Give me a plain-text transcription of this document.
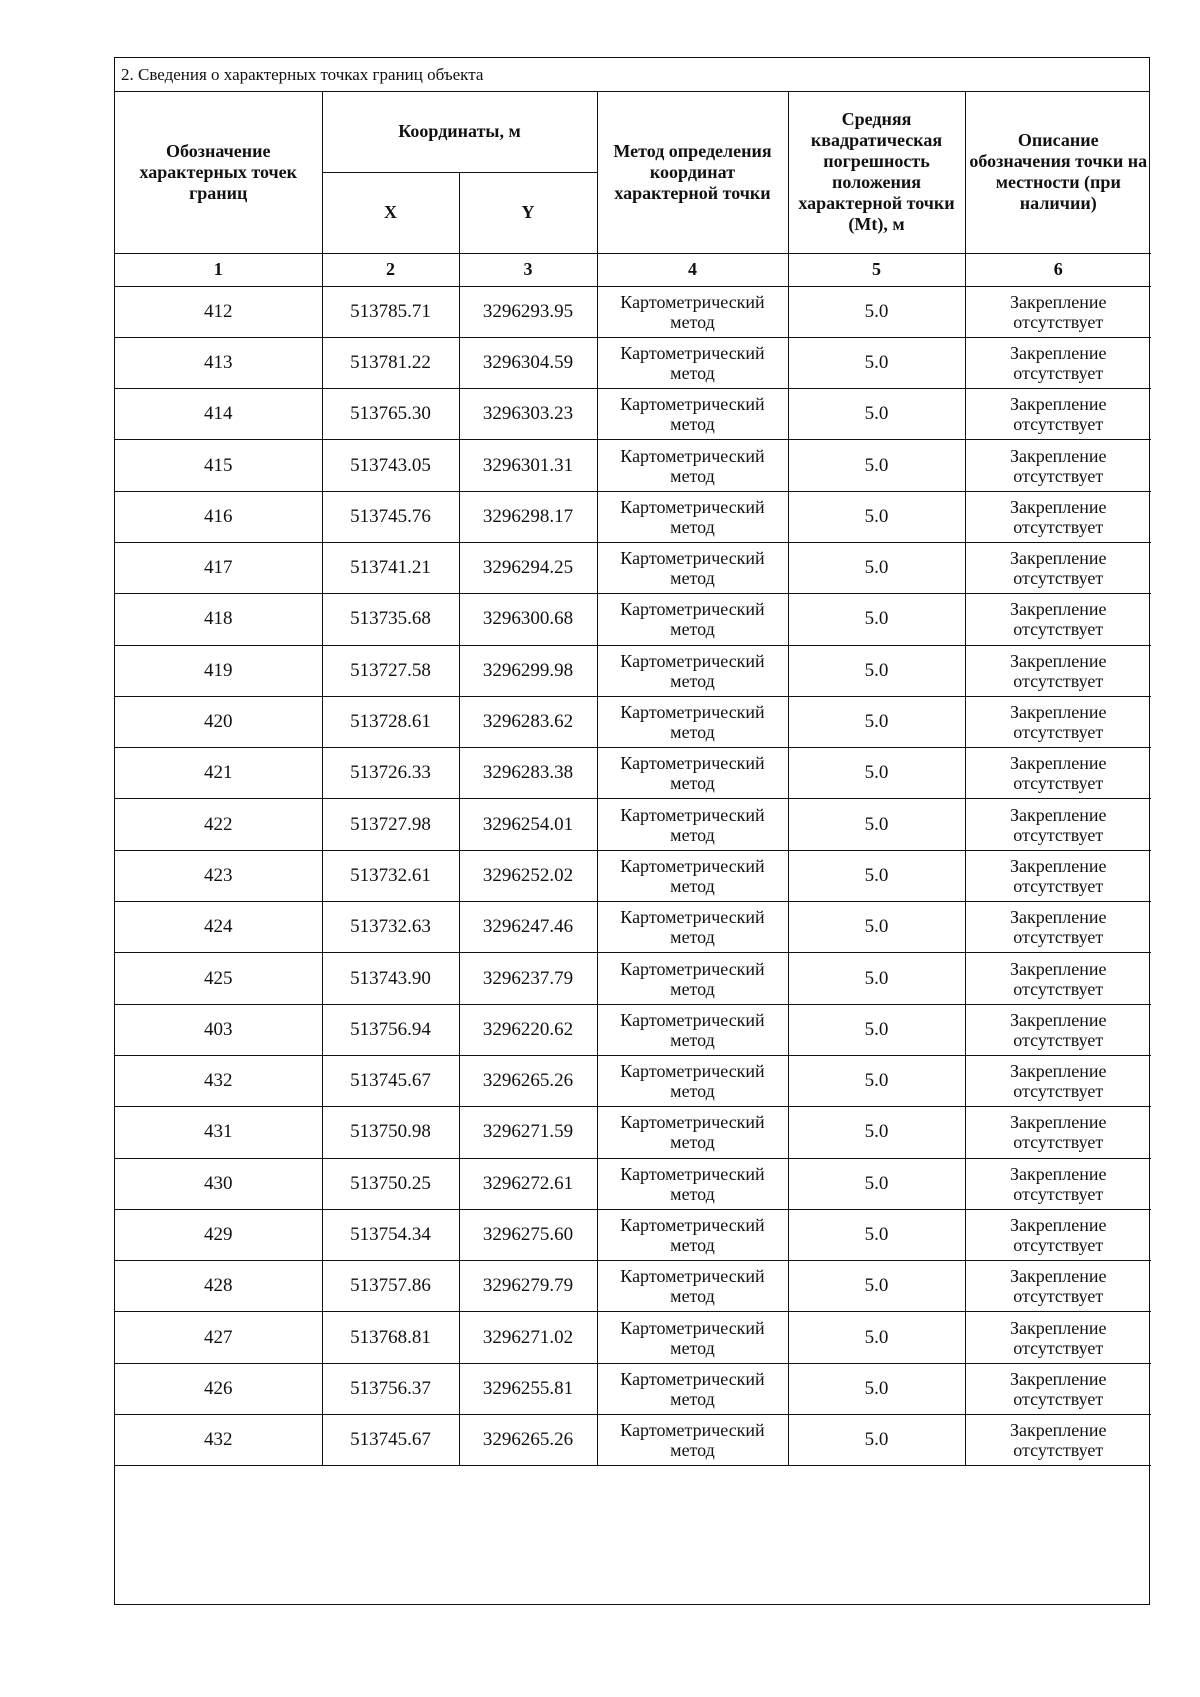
2. Сведения о характерных точках границ объекта
Обозначение характерных точек границ	Координаты, м		Метод определения координат характерной точки	Средняя квадратическая погрешность положения характерной точки (Mt), м	Описание обозначения точки на местности (при наличии)
	X	Y			
1	2	3	4	5	6
412	513785.71	3296293.95	Картометрический метод	5.0	Закрепление отсутствует
413	513781.22	3296304.59	Картометрический метод	5.0	Закрепление отсутствует
414	513765.30	3296303.23	Картометрический метод	5.0	Закрепление отсутствует
415	513743.05	3296301.31	Картометрический метод	5.0	Закрепление отсутствует
416	513745.76	3296298.17	Картометрический метод	5.0	Закрепление отсутствует
417	513741.21	3296294.25	Картометрический метод	5.0	Закрепление отсутствует
418	513735.68	3296300.68	Картометрический метод	5.0	Закрепление отсутствует
419	513727.58	3296299.98	Картометрический метод	5.0	Закрепление отсутствует
420	513728.61	3296283.62	Картометрический метод	5.0	Закрепление отсутствует
421	513726.33	3296283.38	Картометрический метод	5.0	Закрепление отсутствует
422	513727.98	3296254.01	Картометрический метод	5.0	Закрепление отсутствует
423	513732.61	3296252.02	Картометрический метод	5.0	Закрепление отсутствует
424	513732.63	3296247.46	Картометрический метод	5.0	Закрепление отсутствует
425	513743.90	3296237.79	Картометрический метод	5.0	Закрепление отсутствует
403	513756.94	3296220.62	Картометрический метод	5.0	Закрепление отсутствует
432	513745.67	3296265.26	Картометрический метод	5.0	Закрепление отсутствует
431	513750.98	3296271.59	Картометрический метод	5.0	Закрепление отсутствует
430	513750.25	3296272.61	Картометрический метод	5.0	Закрепление отсутствует
429	513754.34	3296275.60	Картометрический метод	5.0	Закрепление отсутствует
428	513757.86	3296279.79	Картометрический метод	5.0	Закрепление отсутствует
427	513768.81	3296271.02	Картометрический метод	5.0	Закрепление отсутствует
426	513756.37	3296255.81	Картометрический метод	5.0	Закрепление отсутствует
432	513745.67	3296265.26	Картометрический метод	5.0	Закрепление отсутствует
